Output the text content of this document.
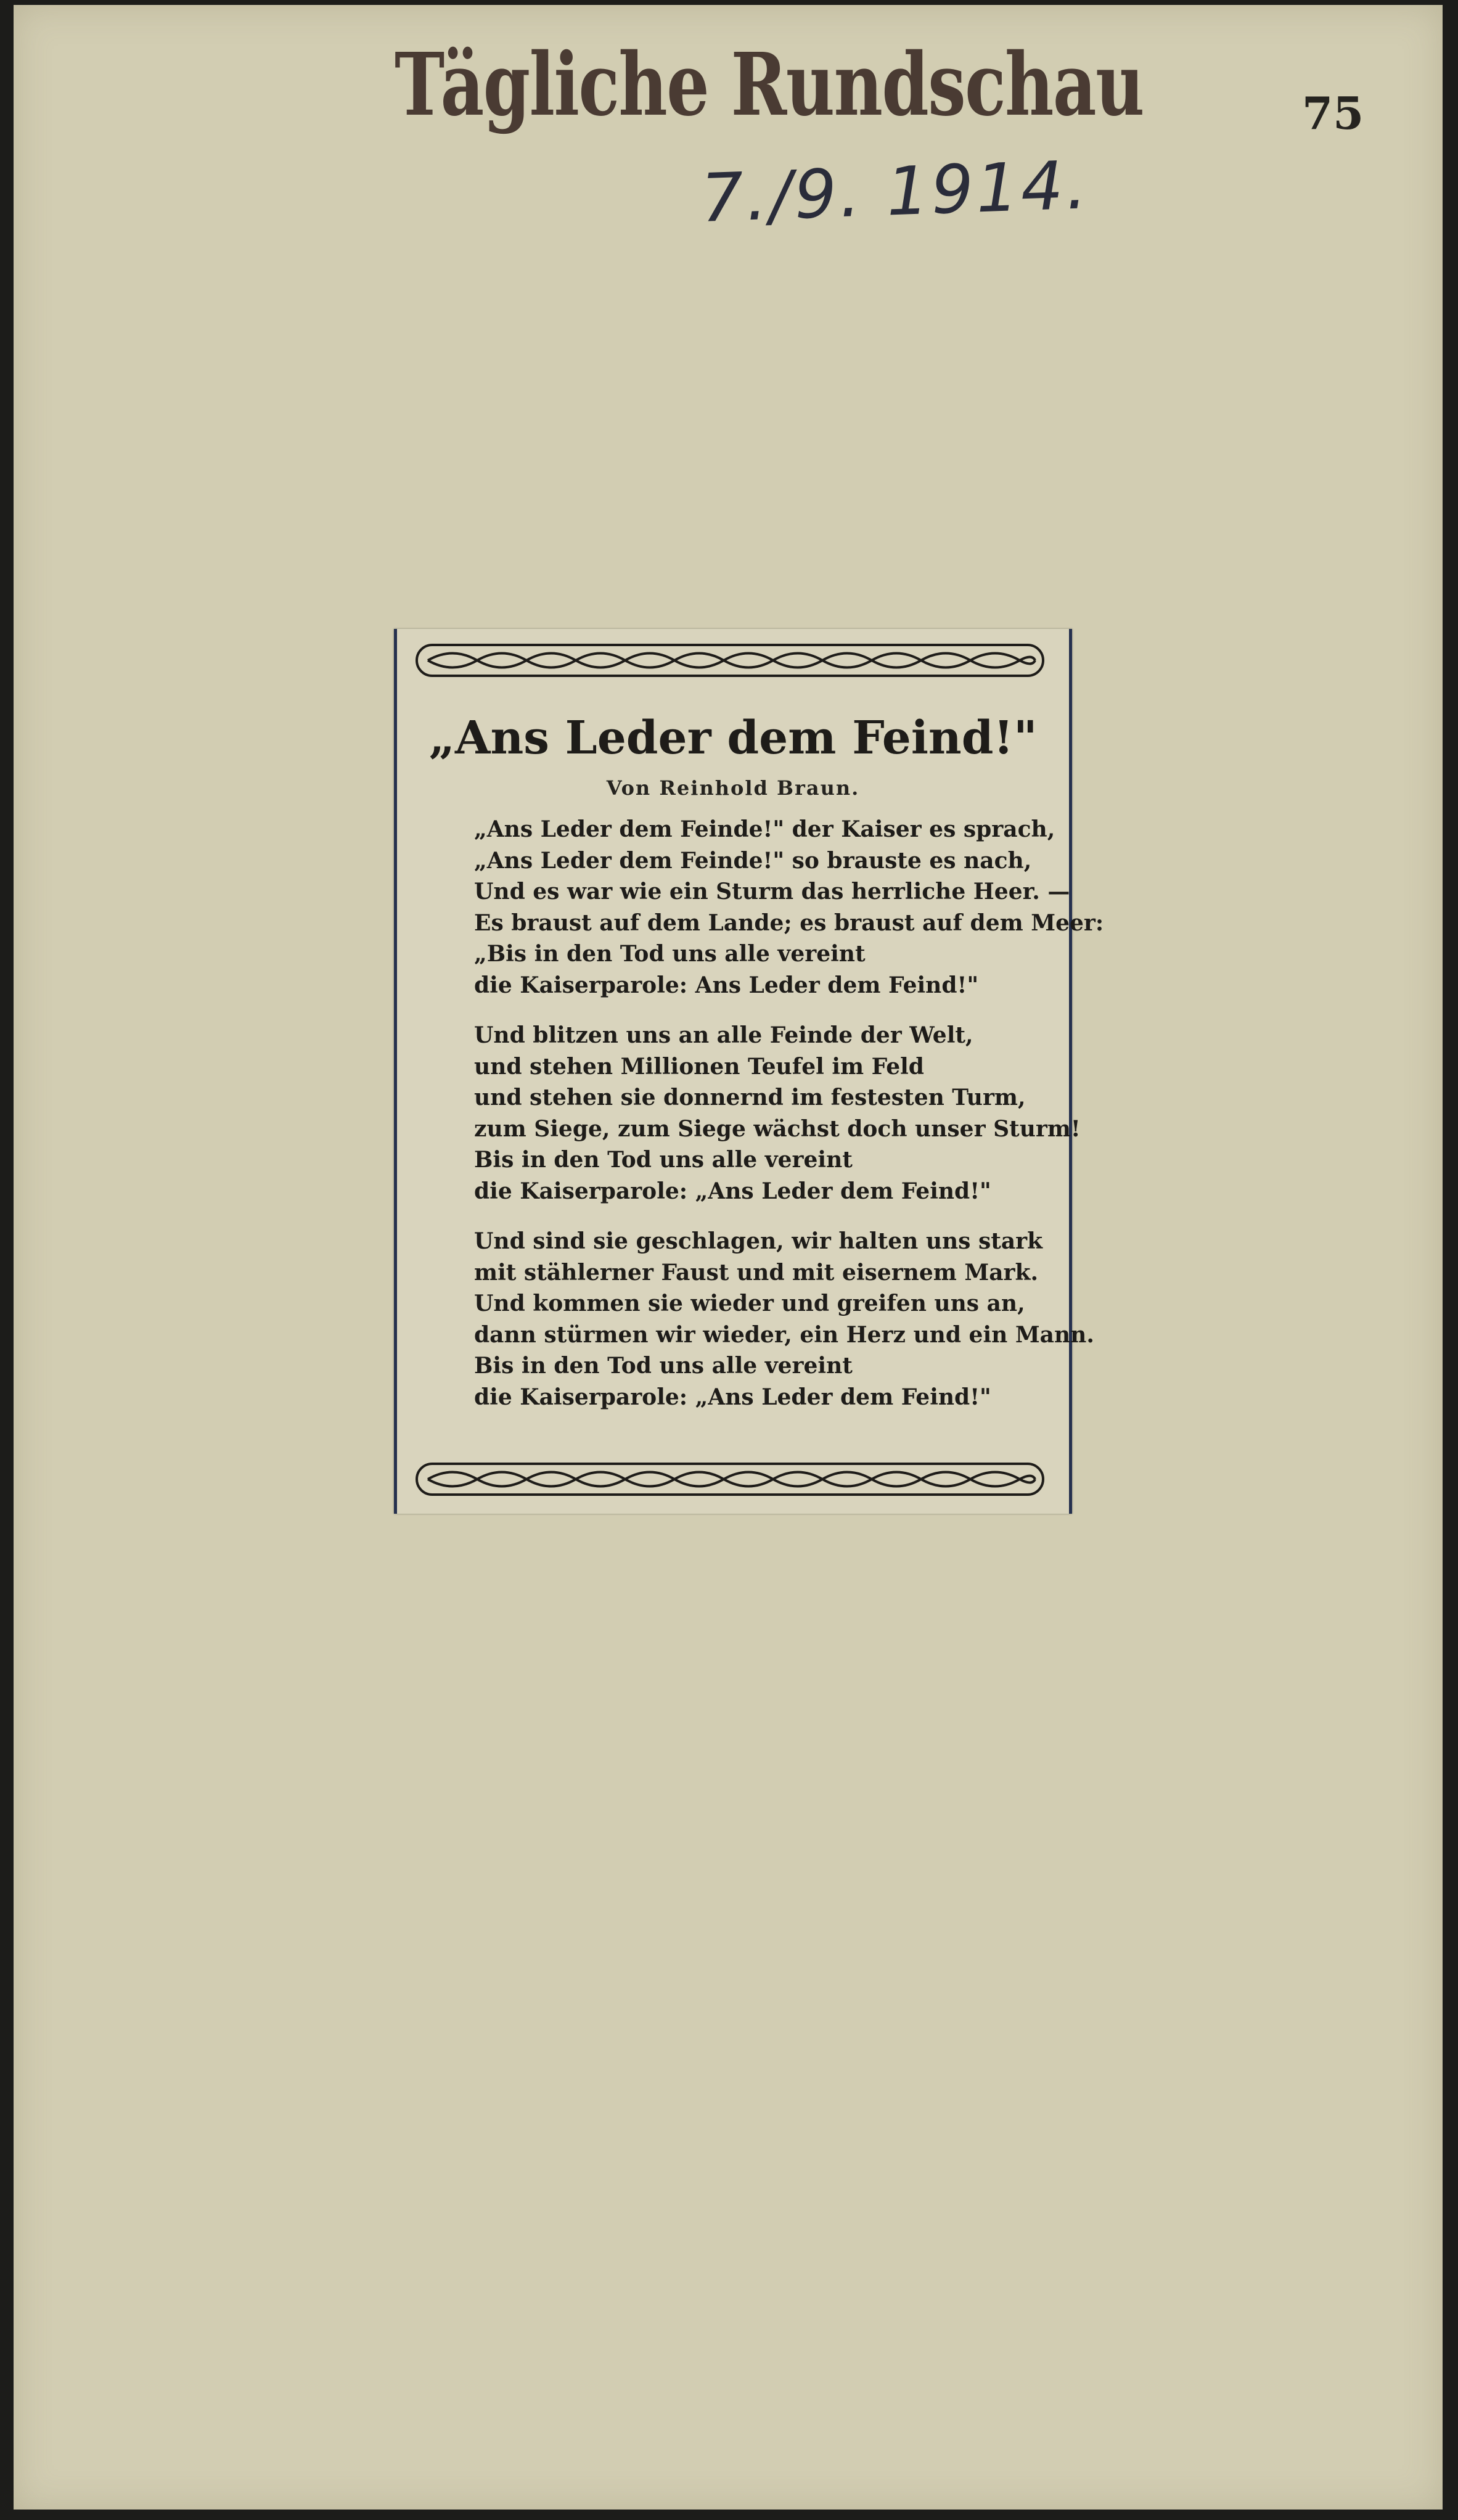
Tägliche Rundschau	75
7./9. 1914.
„Ans Leder dem Feind!"
Von Reinhold Braun.
„Ans Leder dem Feinde!" der Kaiser es sprach,
„Ans Leder dem Feinde!" so brauste es nach,
Und es war wie ein Sturm das herrliche Heer. —
Es braust auf dem Lande; es braust auf dem Meer:
„Bis in den Tod uns alle vereint
die Kaiserparole: Ans Leder dem Feind!"
Und blitzen uns an alle Feinde der Welt,
und stehen Millionen Teufel im Feld
und stehen sie donnernd im festesten Turm,
zum Siege, zum Siege wächst doch unser Sturm!
Bis in den Tod uns alle vereint
die Kaiserparole: „Ans Leder dem Feind!"
Und sind sie geschlagen, wir halten uns stark
mit stählerner Faust und mit eisernem Mark.
Und kommen sie wieder und greifen uns an,
dann stürmen wir wieder, ein Herz und ein Mann.
Bis in den Tod uns alle vereint
die Kaiserparole: „Ans Leder dem Feind!"
